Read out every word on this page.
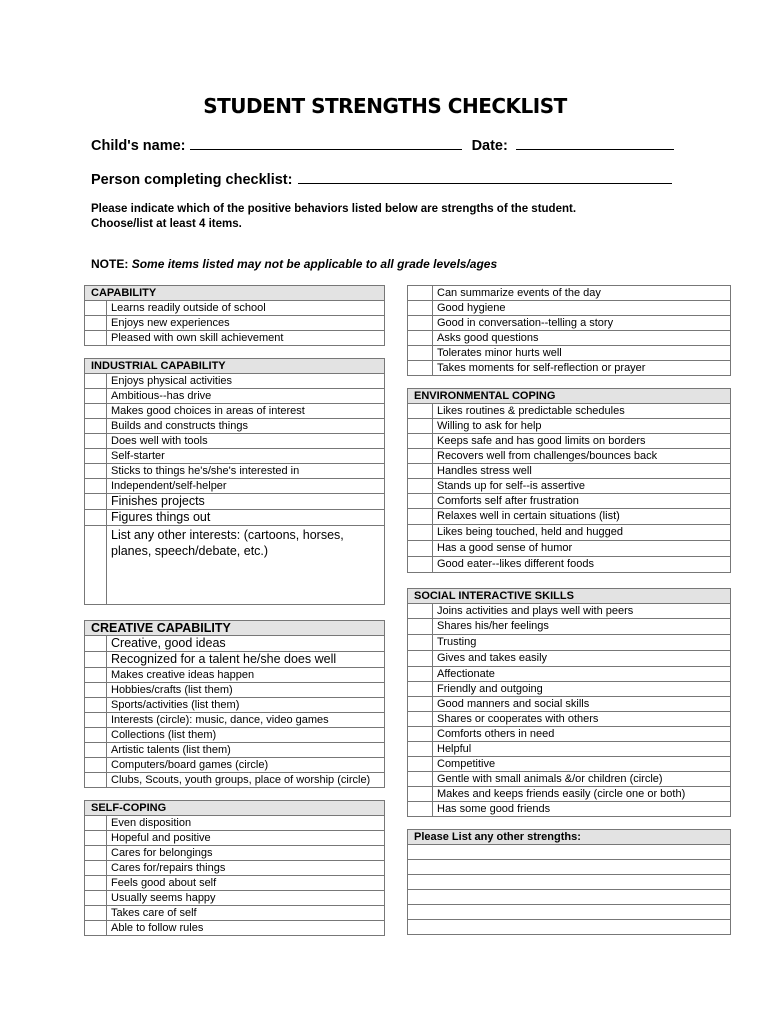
STUDENT STRENGTHS CHECKLIST
Child's name:	Date:
Person completing checklist:
Please indicate which of the positive behaviors listed below are strengths of the student.
Choose/list at least 4 items.
NOTE: Some items listed may not be applicable to all grade levels/ages
CAPABILITY	
	Learns readily outside of school
	Enjoys new experiences
	Pleased with own skill achievement
INDUSTRIAL CAPABILITY	
	Enjoys physical activities
	Ambitious--has drive
	Makes good choices in areas of interest
	Builds and constructs things
	Does well with tools
	Self-starter
	Sticks to things he's/she's interested in
	Independent/self-helper
	Finishes projects
	Figures things out
	List any other interests: (cartoons, horses, planes, speech/debate, etc.)
CREATIVE CAPABILITY	
	Creative, good ideas
	Recognized for a talent he/she does well
	Makes creative ideas happen
	Hobbies/crafts (list them)
	Sports/activities (list them)
	Interests (circle): music, dance, video games
	Collections (list them)
	Artistic talents (list them)
	Computers/board games (circle)
	Clubs, Scouts, youth groups, place of worship (circle)
SELF-COPING	
	Even disposition
	Hopeful and positive
	Cares for belongings
	Cares for/repairs things
	Feels good about self
	Usually seems happy
	Takes care of self
	Able to follow rules
	Can summarize events of the day
	Good hygiene
	Good in conversation--telling a story
	Asks good questions
	Tolerates minor hurts well
	Takes moments for self-reflection or prayer
ENVIRONMENTAL COPING	
	Likes routines & predictable schedules
	Willing to ask for help
	Keeps safe and has good limits on borders
	Recovers well from challenges/bounces back
	Handles stress well
	Stands up for self--is assertive
	Comforts self after frustration
	Relaxes well in certain situations (list)
	Likes being touched, held and hugged
	Has a good sense of humor
	Good eater--likes different foods
SOCIAL INTERACTIVE SKILLS	
	Joins activities and plays well with peers
	Shares his/her feelings
	Trusting
	Gives and takes easily
	Affectionate
	Friendly and outgoing
	Good manners and social skills
	Shares or cooperates with others
	Comforts others in need
	Helpful
	Competitive
	Gentle with small animals &/or children (circle)
	Makes and keeps friends easily (circle one or both)
	Has some good friends
Please List any other strengths:
